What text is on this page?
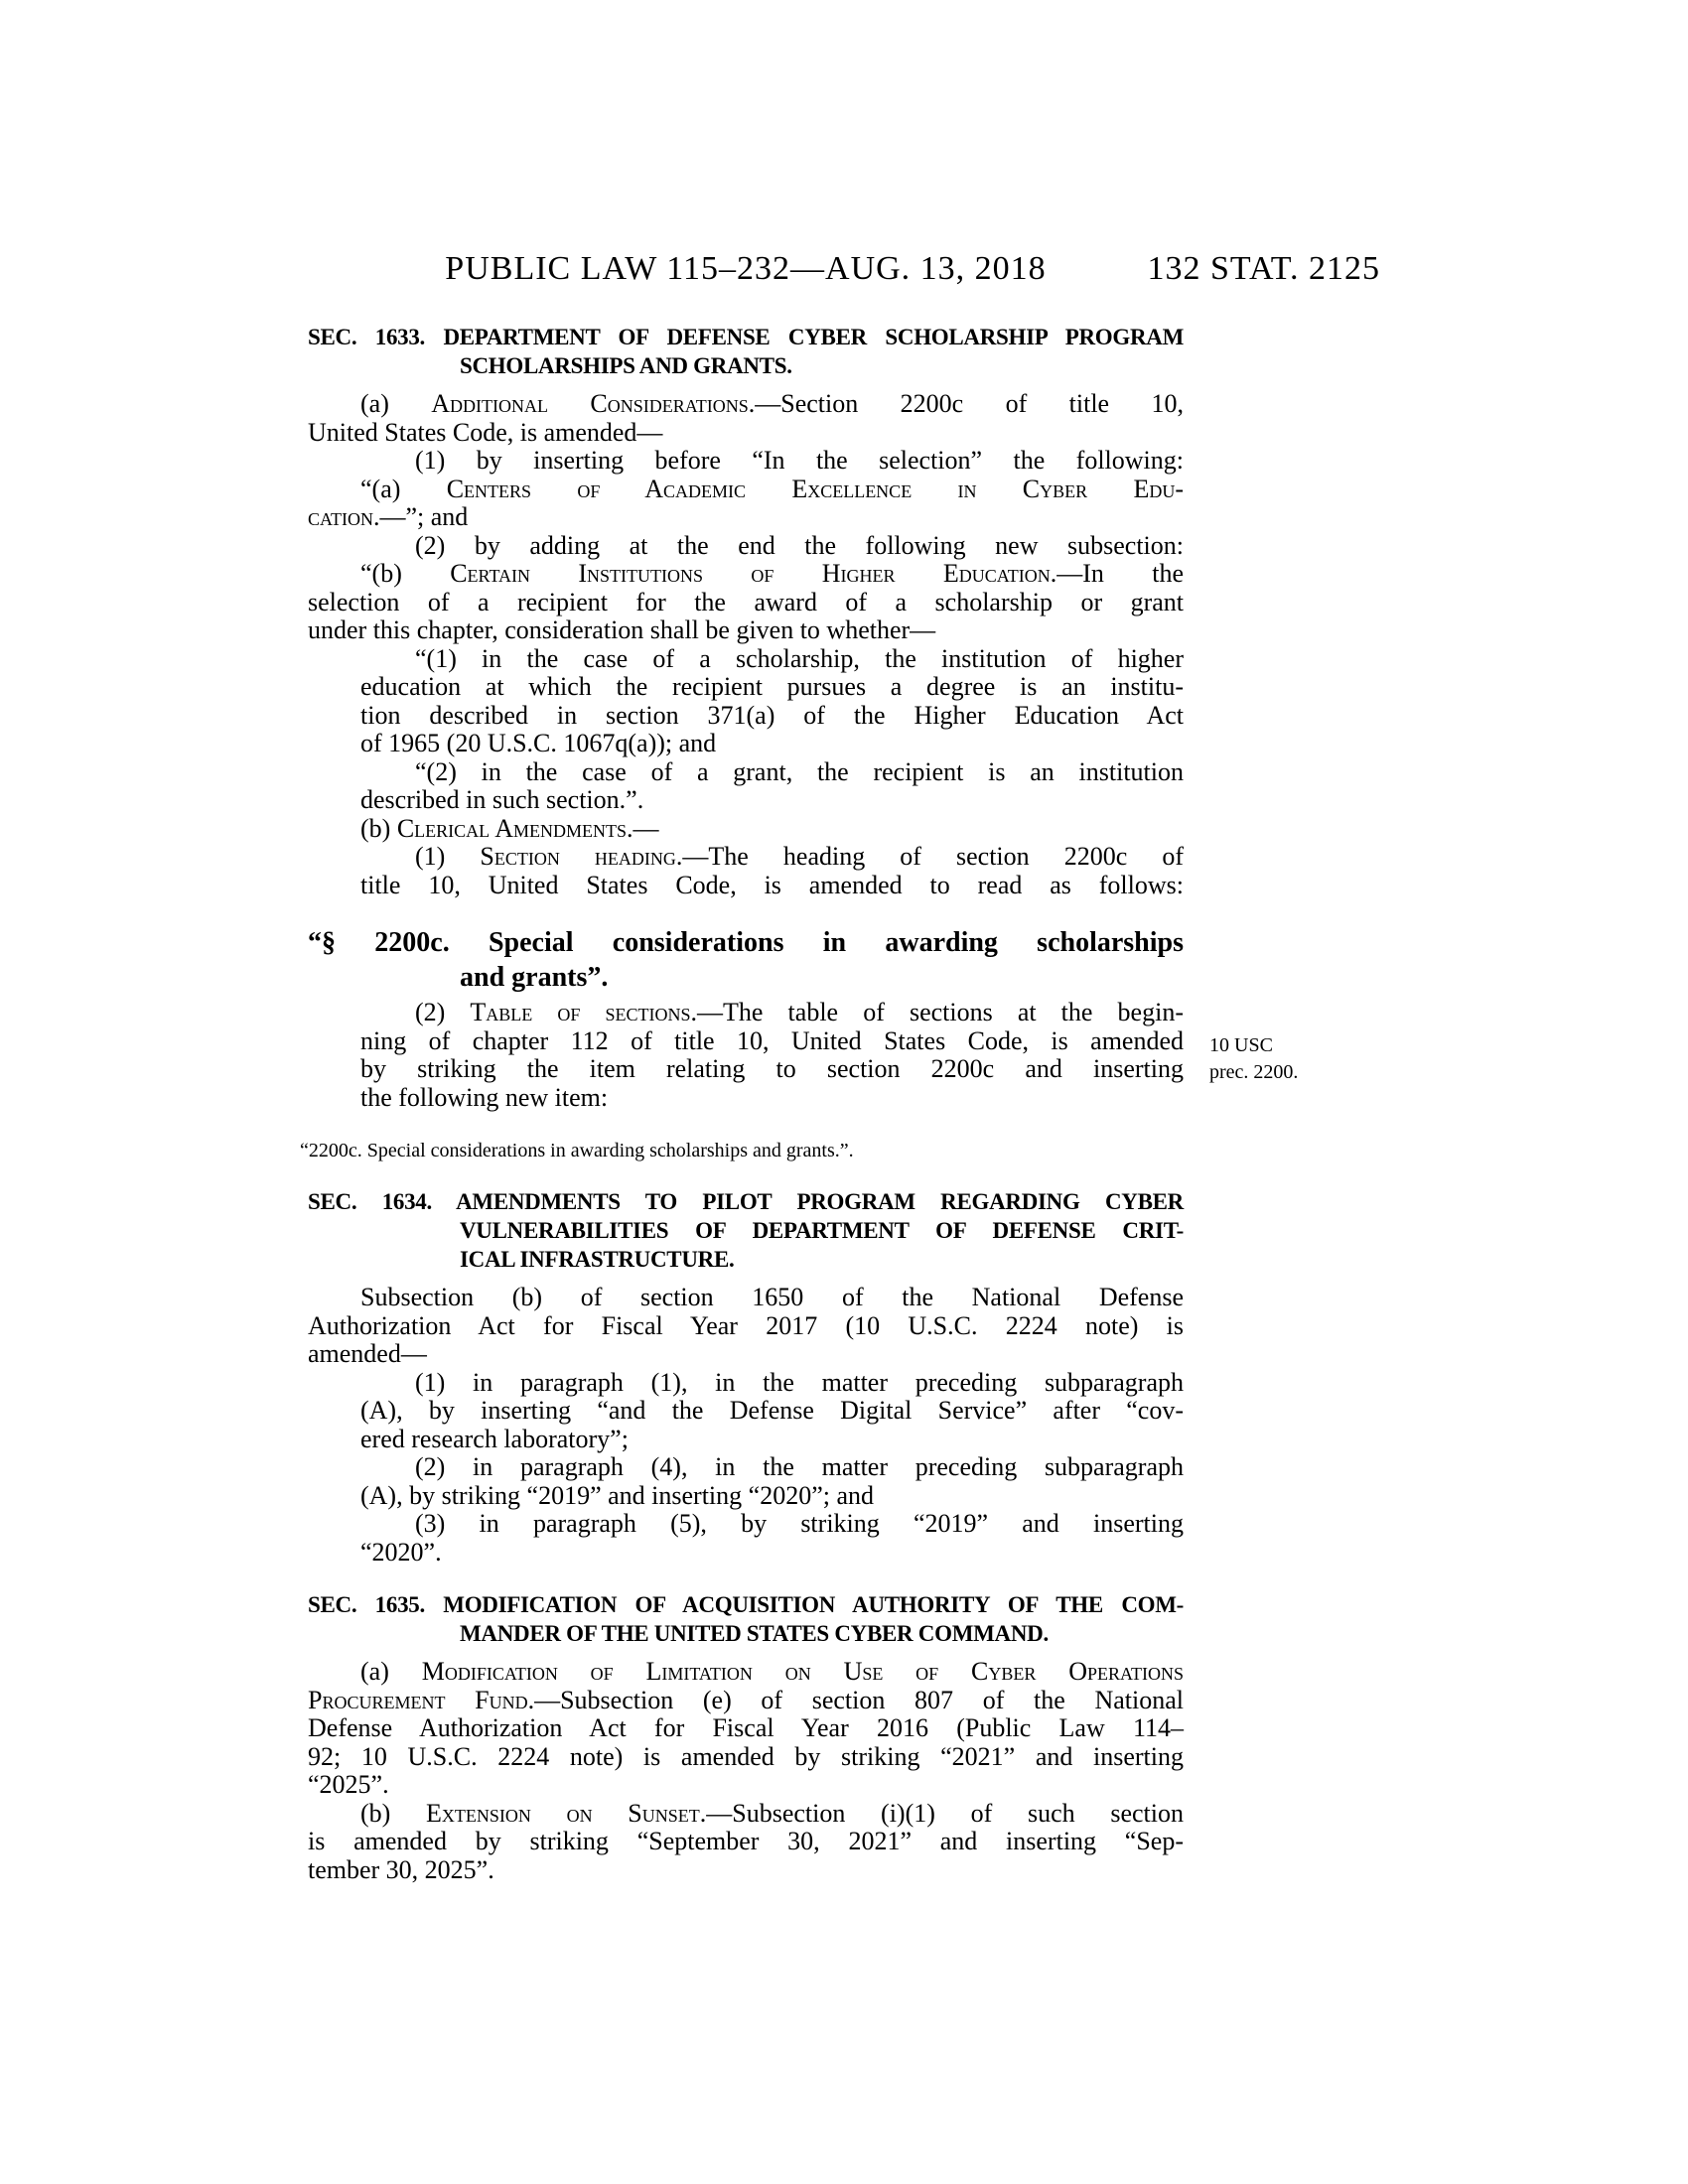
PUBLIC LAW 115–232—AUG. 13, 2018	132 STAT. 2125
SEC. 1633. DEPARTMENT OF DEFENSE CYBER SCHOLARSHIP PROGRAM
SCHOLARSHIPS AND GRANTS.
(a) Additional Considerations.—Section 2200c of title 10,
United States Code, is amended—
(1) by inserting before “In the selection” the following:
“(a) Centers of Academic Excellence in Cyber Edu-
cation.—”; and
(2) by adding at the end the following new subsection:
“(b) Certain Institutions of Higher Education.—In the
selection of a recipient for the award of a scholarship or grant
under this chapter, consideration shall be given to whether—
“(1) in the case of a scholarship, the institution of higher
education at which the recipient pursues a degree is an institu-
tion described in section 371(a) of the Higher Education Act
of 1965 (20 U.S.C. 1067q(a)); and
“(2) in the case of a grant, the recipient is an institution
described in such section.”.
(b) Clerical Amendments.—
(1) Section heading.—The heading of section 2200c of
title 10, United States Code, is amended to read as follows:
“§ 2200c. Special considerations in awarding scholarships
and grants”.
(2) Table of sections.—The table of sections at the begin-
ning of chapter 112 of title 10, United States Code, is amended
by striking the item relating to section 2200c and inserting
the following new item:
“2200c. Special considerations in awarding scholarships and grants.”.
SEC. 1634. AMENDMENTS TO PILOT PROGRAM REGARDING CYBER
VULNERABILITIES OF DEPARTMENT OF DEFENSE CRIT-
ICAL INFRASTRUCTURE.
Subsection (b) of section 1650 of the National Defense
Authorization Act for Fiscal Year 2017 (10 U.S.C. 2224 note) is
amended—
(1) in paragraph (1), in the matter preceding subparagraph
(A), by inserting “and the Defense Digital Service” after “cov-
ered research laboratory”;
(2) in paragraph (4), in the matter preceding subparagraph
(A), by striking “2019” and inserting “2020”; and
(3) in paragraph (5), by striking “2019” and inserting
“2020”.
SEC. 1635. MODIFICATION OF ACQUISITION AUTHORITY OF THE COM-
MANDER OF THE UNITED STATES CYBER COMMAND.
(a) Modification of Limitation on Use of Cyber Operations
Procurement Fund.—Subsection (e) of section 807 of the National
Defense Authorization Act for Fiscal Year 2016 (Public Law 114–
92; 10 U.S.C. 2224 note) is amended by striking “2021” and inserting
“2025”.
(b) Extension on Sunset.—Subsection (i)(1) of such section
is amended by striking “September 30, 2021” and inserting “Sep-
tember 30, 2025”.
10 USC
prec. 2200.
